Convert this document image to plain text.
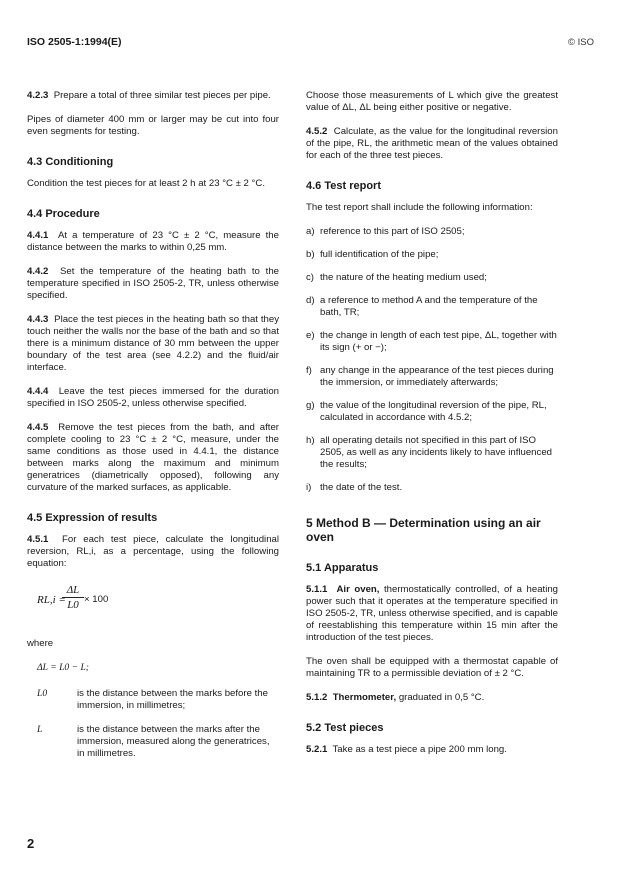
ISO 2505-1:1994(E)	© ISO

4.2.3 Prepare a total of three similar test pieces per pipe.

Pipes of diameter 400 mm or larger may be cut into four even segments for testing.

4.3 Conditioning

Condition the test pieces for at least 2 h at 23 °C ± 2 °C.

4.4 Procedure

4.4.1 At a temperature of 23 °C ± 2 °C, measure the distance between the marks to within 0,25 mm.

4.4.2 Set the temperature of the heating bath to the temperature specified in ISO 2505-2, TR, unless otherwise specified.

4.4.3 Place the test pieces in the heating bath so that they touch neither the walls nor the base of the bath and so that there is a minimum distance of 30 mm between the upper boundary of the test area (see 4.2.2) and the fluid/air interface.

4.4.4 Leave the test pieces immersed for the duration specified in ISO 2505-2, unless otherwise specified.

4.4.5 Remove the test pieces from the bath, and after complete cooling to 23 °C ± 2 °C, measure, under the same conditions as those used in 4.4.1, the distance between marks along the maximum and minimum generatrices (diametrically opposed), following any curvature of the marked surfaces, as applicable.

4.5 Expression of results

4.5.1 For each test piece, calculate the longitudinal reversion, RL,i, as a percentage, using the following equation:

RL,i =
ΔL
L0 × 100

where

ΔL = L0 − L;
L0	is the distance between the marks before the immersion, in millimetres;
L	is the distance between the marks after the immersion, measured along the generatrices, in millimetres.

Choose those measurements of L which give the greatest value of ΔL, ΔL being either positive or negative.

4.5.2 Calculate, as the value for the longitudinal reversion of the pipe, RL, the arithmetic mean of the values obtained for each of the three test pieces.

4.6 Test report

The test report shall include the following information:

a) reference to this part of ISO 2505;
b) full identification of the pipe;
c) the nature of the heating medium used;
d) a reference to method A and the temperature of the bath, TR;
e) the change in length of each test pipe, ΔL, together with its sign (+ or −);
f) any change in the appearance of the test pieces during the immersion, or immediately afterwards;
g) the value of the longitudinal reversion of the pipe, RL, calculated in accordance with 4.5.2;
h) all operating details not specified in this part of ISO 2505, as well as any incidents likely to have influenced the results;
i) the date of the test.
5 Method B — Determination using an air oven
5.1 Apparatus

5.1.1 Air oven, thermostatically controlled, of a heating power such that it operates at the temperature specified in ISO 2505-2, TR, unless otherwise specified, and is capable of reestablishing this temperature within 15 min after the introduction of the test pieces.

The oven shall be equipped with a thermostat capable of maintaining TR to a permissible deviation of ± 2 °C.

5.1.2 Thermometer, graduated in 0,5 °C.

5.2 Test pieces

5.2.1 Take as a test piece a pipe 200 mm long.

2
